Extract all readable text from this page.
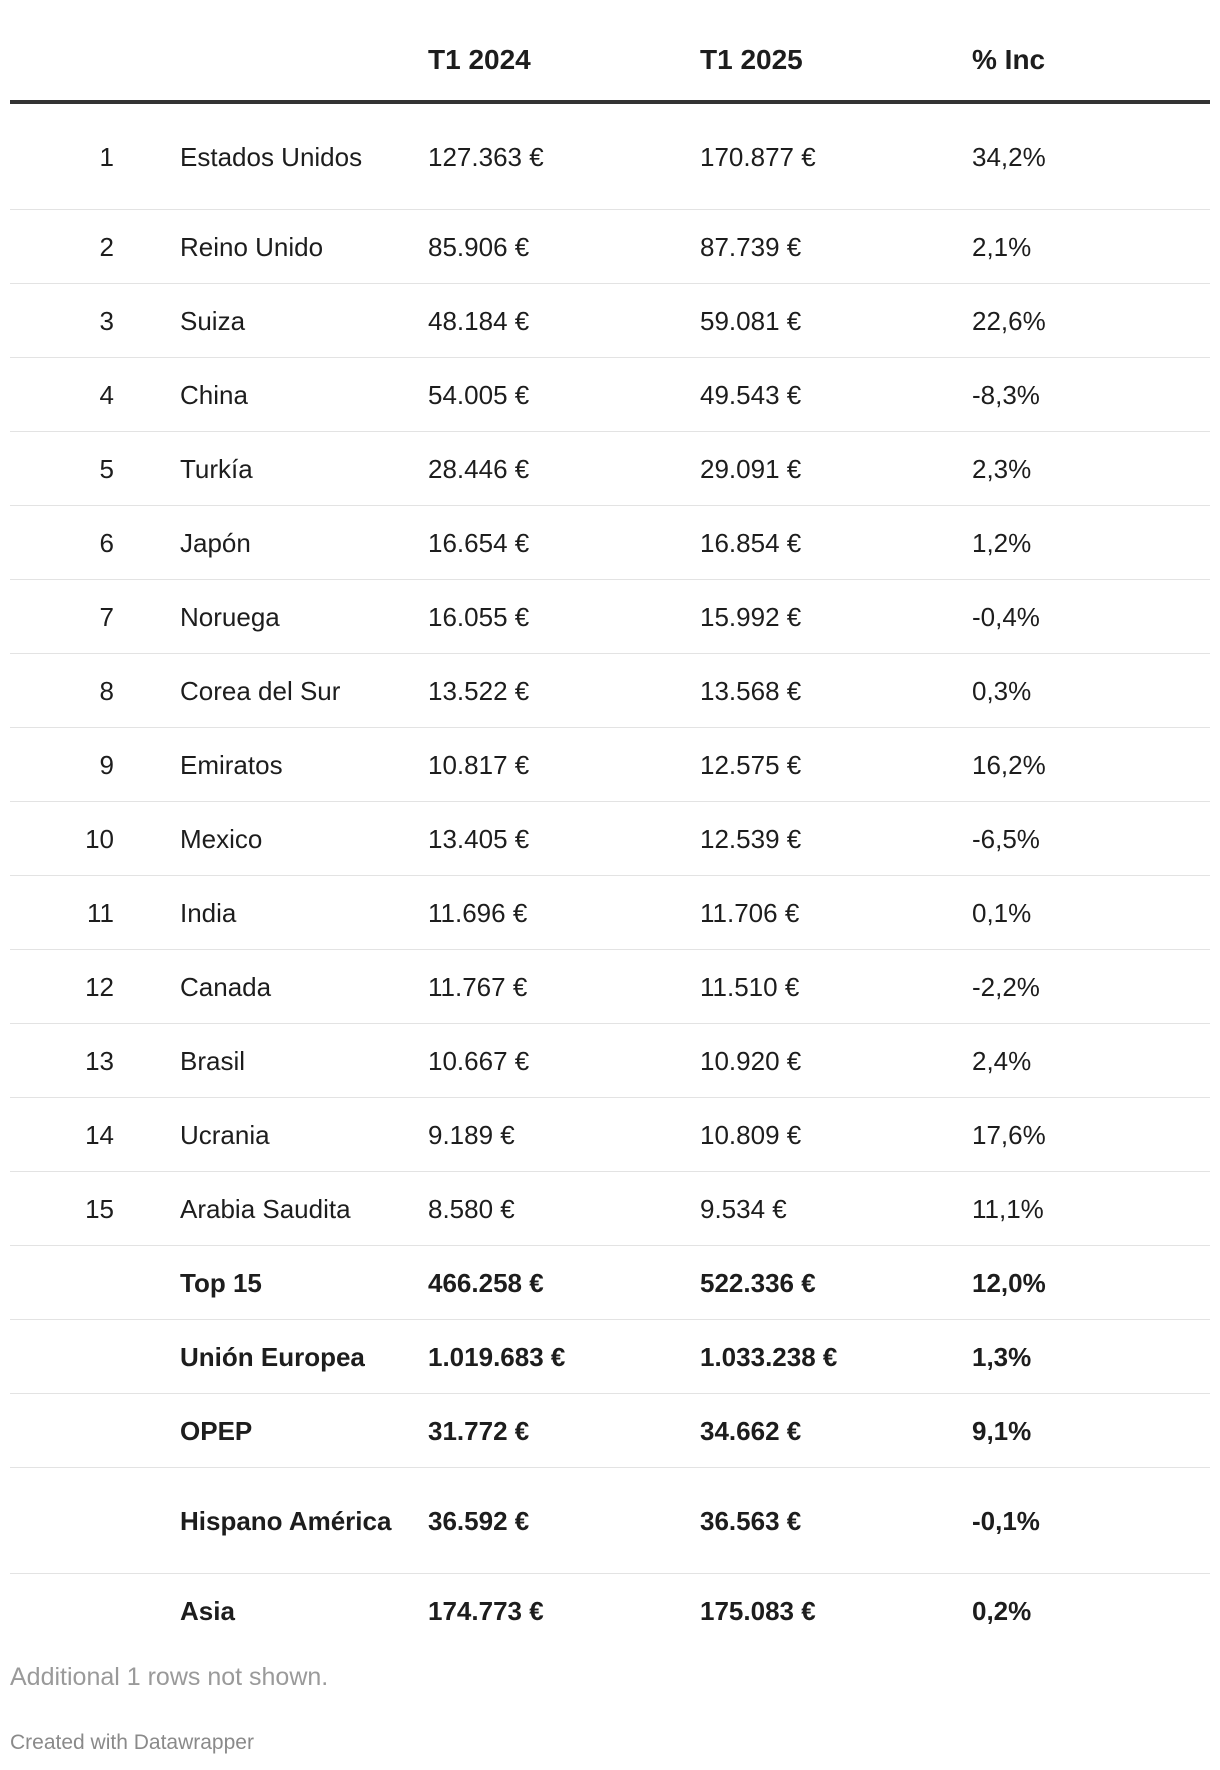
		T1 2024	T1 2025	% Inc
1	Estados Unidos	127.363 €	170.877 €	34,2%
2	Reino Unido	85.906 €	87.739 €	2,1%
3	Suiza	48.184 €	59.081 €	22,6%
4	China	54.005 €	49.543 €	-8,3%
5	Turkía	28.446 €	29.091 €	2,3%
6	Japón	16.654 €	16.854 €	1,2%
7	Noruega	16.055 €	15.992 €	-0,4%
8	Corea del Sur	13.522 €	13.568 €	0,3%
9	Emiratos	10.817 €	12.575 €	16,2%
10	Mexico	13.405 €	12.539 €	-6,5%
11	India	11.696 €	11.706 €	0,1%
12	Canada	11.767 €	11.510 €	-2,2%
13	Brasil	10.667 €	10.920 €	2,4%
14	Ucrania	9.189 €	10.809 €	17,6%
15	Arabia Saudita	8.580 €	9.534 €	11,1%
	Top 15	466.258 €	522.336 €	12,0%
	Unión Europea	1.019.683 €	1.033.238 €	1,3%
	OPEP	31.772 €	34.662 €	9,1%
	Hispano América	36.592 €	36.563 €	-0,1%
	Asia	174.773 €	175.083 €	0,2%
Additional 1 rows not shown.
Created with Datawrapper
